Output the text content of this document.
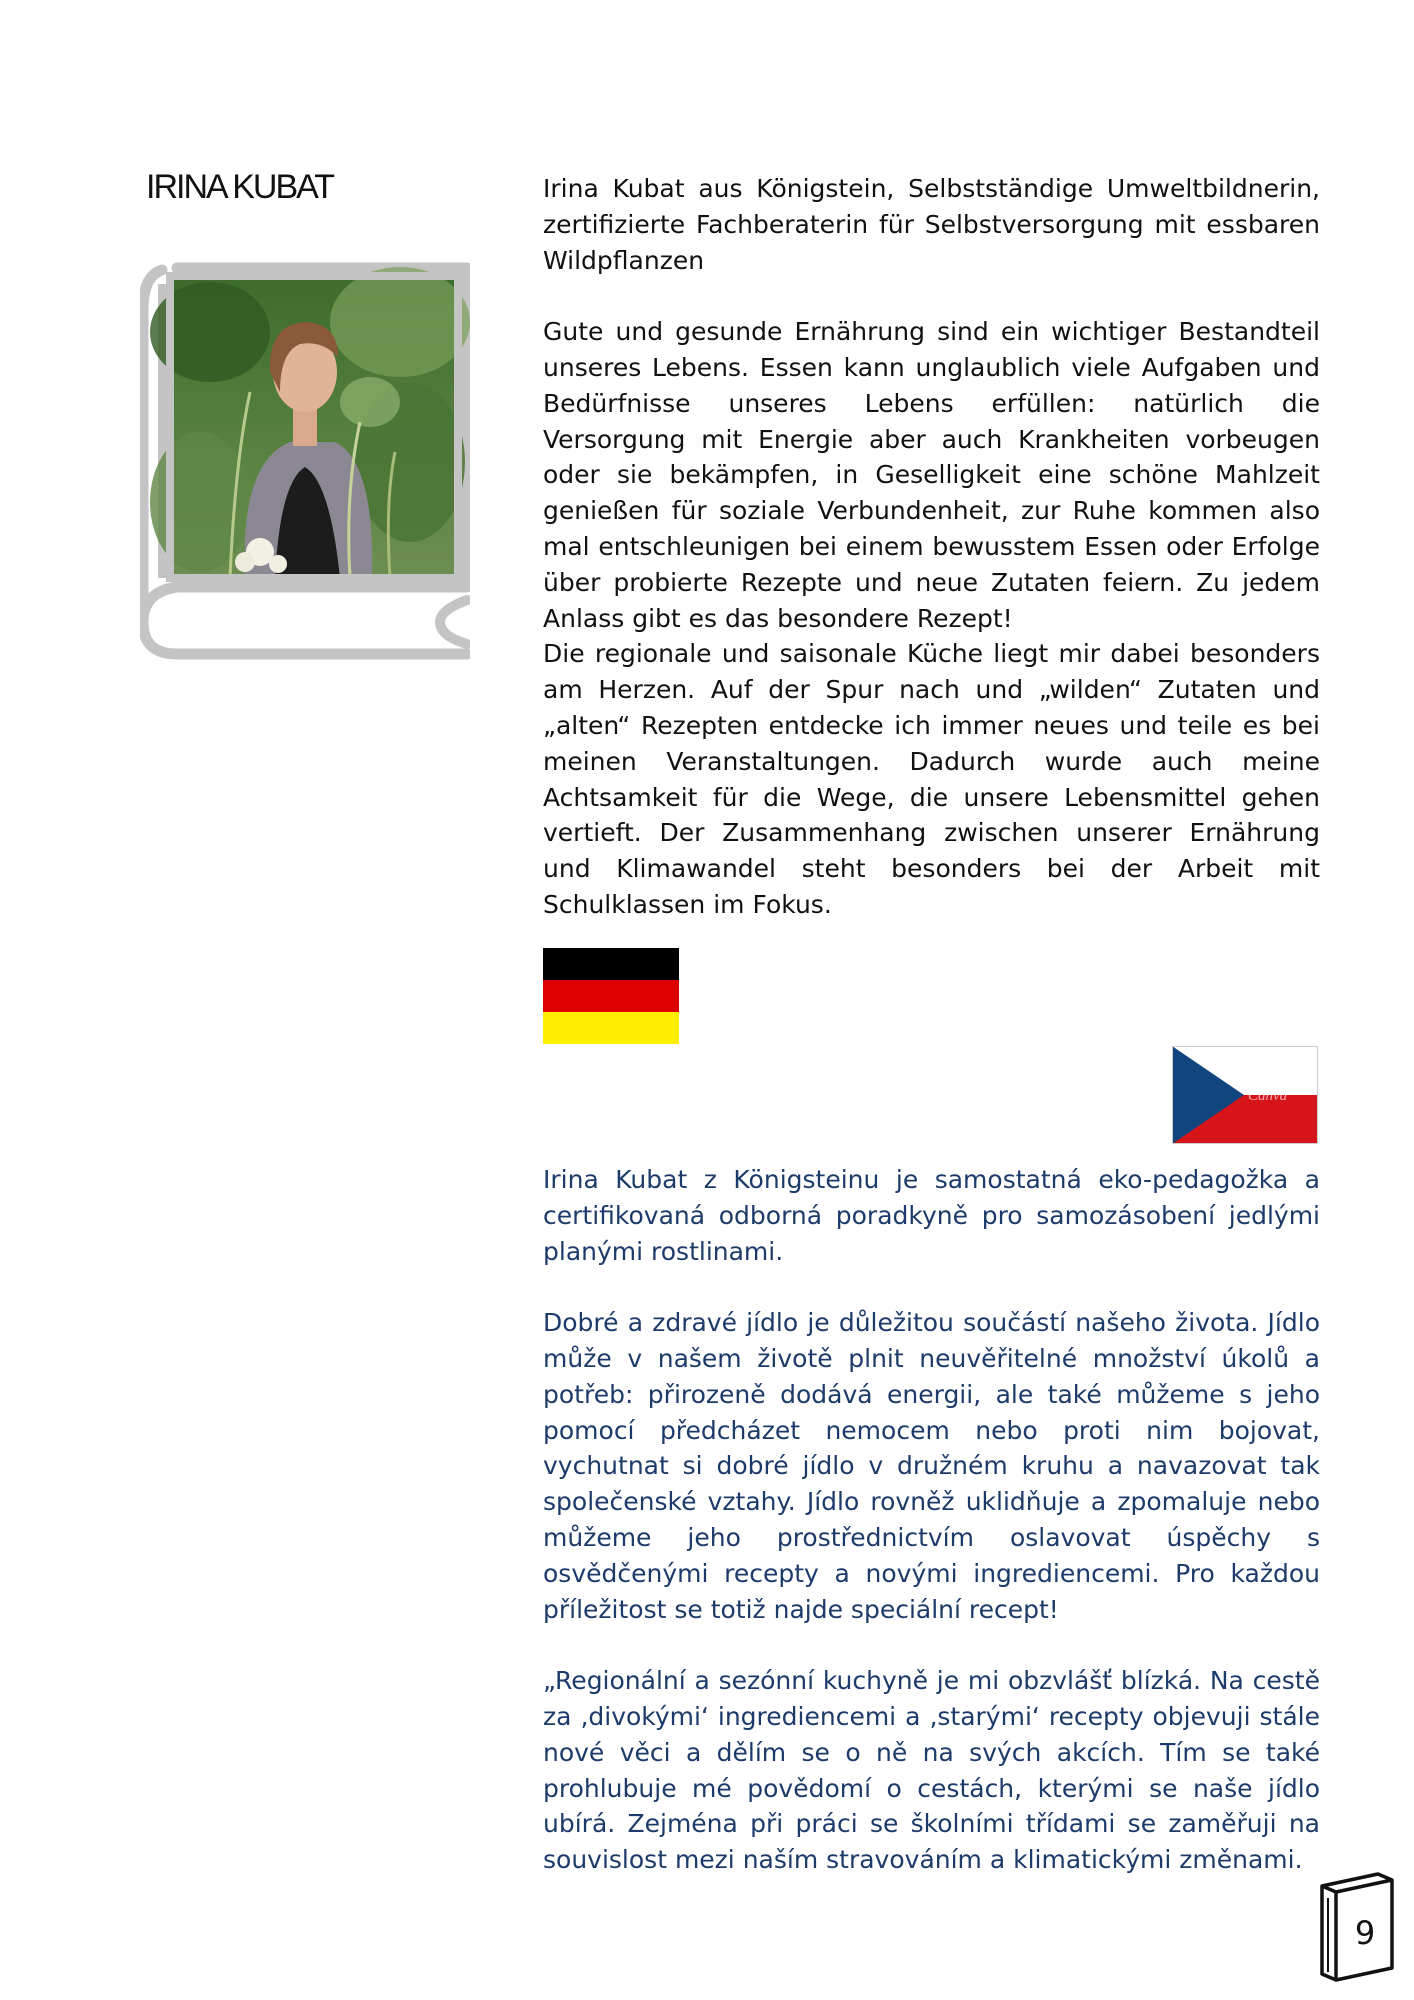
IRINA KUBAT	Irina Kubat aus Königstein, Selbstständige Umweltbildnerin, zertifizierte Fachberaterin für Selbstversorgung mit essbaren Wildpflanzen

Gute und gesunde Ernährung sind ein wichtiger Bestandteil unseres Lebens. Essen kann unglaublich viele Aufgaben und Bedürfnisse unseres Lebens erfüllen: natürlich die Versorgung mit Energie aber auch Krankheiten vorbeugen oder sie bekämpfen, in Geselligkeit eine schöne Mahlzeit genießen für soziale Verbundenheit, zur Ruhe kommen also mal entschleunigen bei einem bewusstem Essen oder Erfolge über probierte Rezepte und neue Zutaten feiern. Zu jedem Anlass gibt es das besondere Rezept!

Die regionale und saisonale Küche liegt mir dabei besonders am Herzen. Auf der Spur nach und „wilden“ Zutaten und „alten“ Rezepten entdecke ich immer neues und teile es bei meinen Veranstaltungen. Dadurch wurde auch meine Achtsamkeit für die Wege, die unsere Lebensmittel gehen vertieft. Der Zusammenhang zwischen unserer Ernährung und Klimawandel steht besonders bei der Arbeit mit Schulklassen im Fokus.

Canva

Irina Kubat z Königsteinu je samostatná eko-pedagožka a certifikovaná odborná poradkyně pro samozásobení jedlými planými rostlinami.

Dobré a zdravé jídlo je důležitou součástí našeho života. Jídlo může v našem životě plnit neuvěřitelné množství úkolů a potřeb: přirozeně dodává energii, ale také můžeme s jeho pomocí předcházet nemocem nebo proti nim bojovat, vychutnat si dobré jídlo v družném kruhu a navazovat tak společenské vztahy. Jídlo rovněž uklidňuje a zpomaluje nebo můžeme jeho prostřednictvím oslavovat úspěchy s osvědčenými recepty a novými ingrediencemi. Pro každou příležitost se totiž najde speciální recept!

„Regionální a sezónní kuchyně je mi obzvlášť blízká. Na cestě za ‚divokými‘ ingrediencemi a ‚starými‘ recepty objevuji stále nové věci a dělím se o ně na svých akcích. Tím se také prohlubuje mé povědomí o cestách, kterými se naše jídlo ubírá. Zejména při práci se školními třídami se zaměřuji na souvislost mezi naším stravováním a klimatickými změnami.

9
